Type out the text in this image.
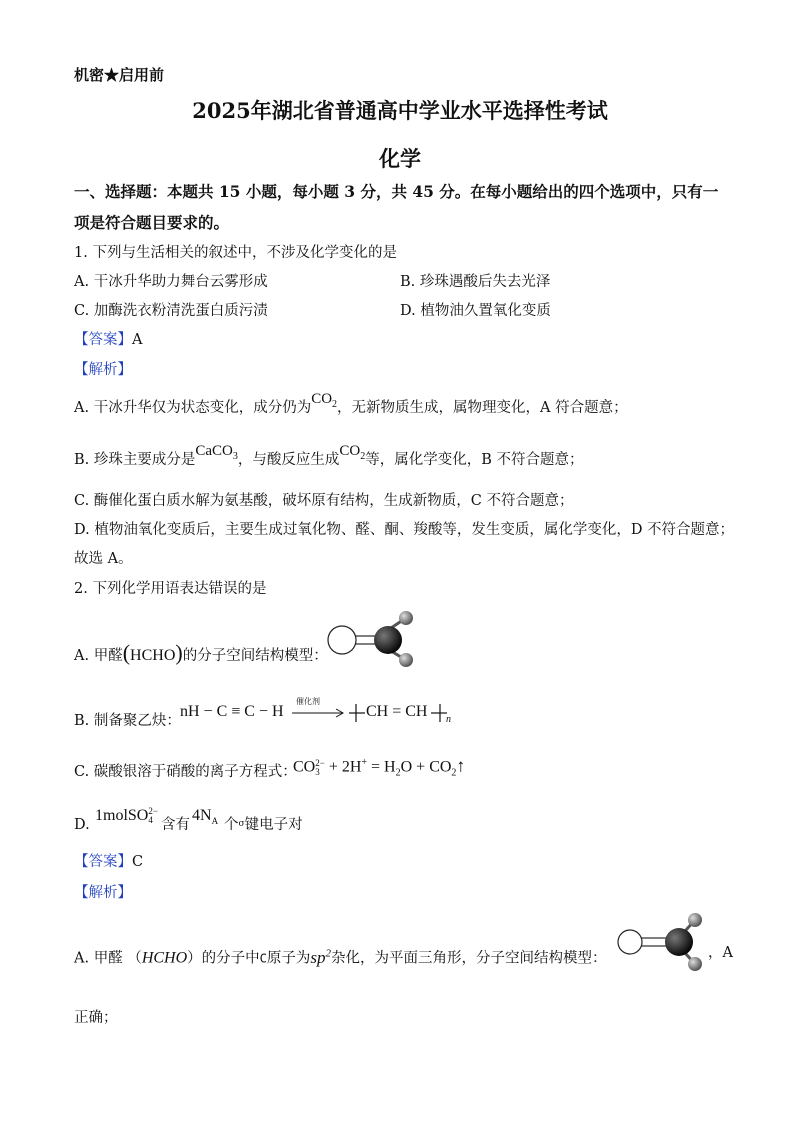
机密★启用前
2025年湖北省普通高中学业水平选择性考试
化学
一、选择题：本题共 15 小题，每小题 3 分，共 45 分。在每小题给出的四个选项中，只有一
项是符合题目要求的。
1. 下列与生活相关的叙述中，不涉及化学变化的是
A. 干冰升华助力舞台云雾形成	B. 珍珠遇酸后失去光泽
C. 加酶洗衣粉清洗蛋白质污渍	D. 植物油久置氧化变质
【答案】A
【解析】
A. 干冰升华仅为状态变化，成分仍为$CO_2$，无新物质生成，属物理变化，A 符合题意；
B. 珍珠主要成分是CaCO$_3$，与酸反应生成$CO_2$等，属化学变化，B 不符合题意；
C. 酶催化蛋白质水解为氨基酸，破坏原有结构，生成新物质，C 不符合题意；
D. 植物油氧化变质后，主要生成过氧化物、醛、酮、羧酸等，发生变质，属化学变化，D 不符合题意；
故选 A。
2. 下列化学用语表达错误的是
A. 甲醛(HCHO)的分子空间结构模型：
B. 制备聚乙炔：
nH − C ≡ C − H →
催化剂
CH = CH n
C. 碳酸银溶于硝酸的离子方程式：
CO 2−
$3 + 2H^+ = H_2O$ + $CO_2↑$
D.
1molSO 2−
4 含有
$4N_A$ 个$^\sigma$键电子对
【答案】C
【解析】
A. 甲醛 （HCHO）的分子中C原子为$sp^2$杂化，为平面三角形，分子空间结构模型：	，A
正确；
